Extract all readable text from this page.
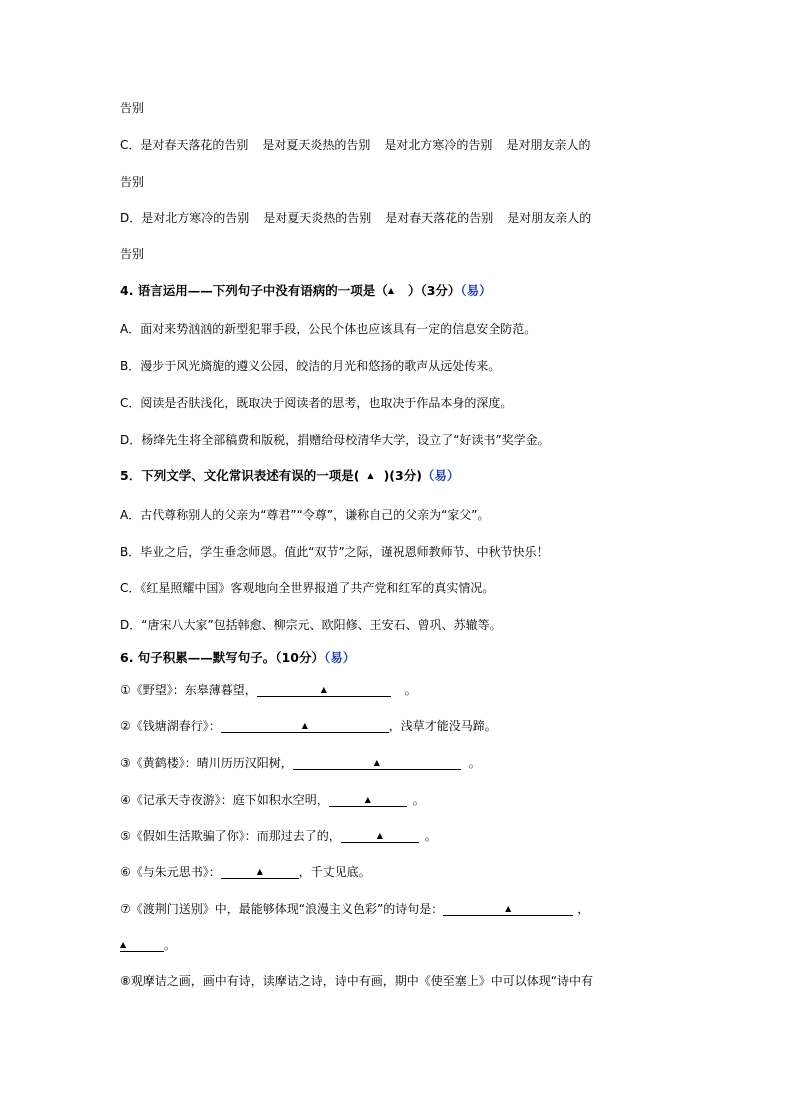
告别
C．是对春天落花的告别 是对夏天炎热的告别 是对北方寒冷的告别 是对朋友亲人的
告别
D．是对北方寒冷的告别 是对夏天炎热的告别 是对春天落花的告别 是对朋友亲人的
告别
4. 语言运用——下列句子中没有语病的一项是（▲ ）（3分）（易）
A．面对来势汹汹的新型犯罪手段，公民个体也应该具有一定的信息安全防范。
B．漫步于风光旖旎的遵义公园，皎洁的月光和悠扬的歌声从远处传来。
C．阅读是否肤浅化，既取决于阅读者的思考，也取决于作品本身的深度。
D．杨绛先生将全部稿费和版税，捐赠给母校清华大学，设立了“好读书”奖学金。
5．下列文学、文化常识表述有误的一项是( ▲ )(3分)（易）
A．古代尊称别人的父亲为“尊君”“令尊”，谦称自己的父亲为“家父”。
B．毕业之后，学生垂念师恩。值此“双节”之际，谨祝恩师教师节、中秋节快乐！
C．《红星照耀中国》客观地向全世界报道了共产党和红军的真实情况。
D．“唐宋八大家”包括韩愈、柳宗元、欧阳修、王安石、曾巩、苏辙等。
6. 句子积累——默写句子。（10分）（易）
①《野望》：东皋薄暮望，	▲	。
②《钱塘湖春行》：	▲	，浅草才能没马蹄。
③《黄鹤楼》：晴川历历汉阳树，	▲	。
④《记承天寺夜游》：庭下如积水空明，	▲	。
⑤《假如生活欺骗了你》：而那过去了的，	▲	。
⑥《与朱元思书》：	▲	，千丈见底。
⑦《渡荆门送别》中，最能够体现“浪漫主义色彩”的诗句是：	▲	，
▲	。
⑧观摩诘之画，画中有诗，读摩诘之诗，诗中有画，期中《使至塞上》中可以体现“诗中有
